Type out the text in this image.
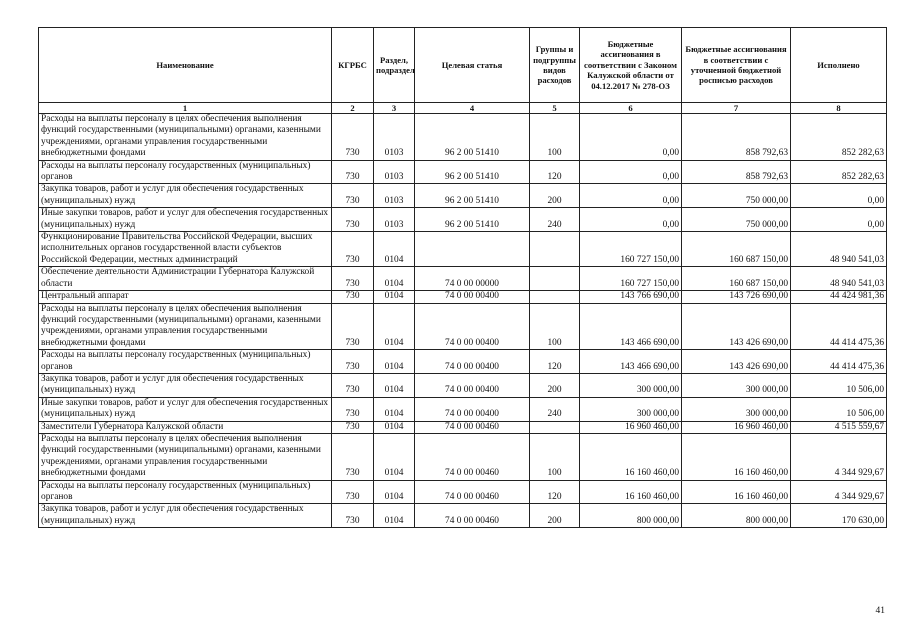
Наименование	КГРБС	Раздел, подраздел	Целевая статья	Группы и подгруппы видов расходов	Бюджетные ассигнования в соответствии с Законом Калужской области от 04.12.2017 № 278-ОЗ	Бюджетные ассигнования в соответствии с уточненной бюджетной росписью расходов	Исполнено
1	2	3	4	5	6	7	8
Расходы на выплаты персоналу в целях обеспечения выполнения функций государственными (муниципальными) органами, казенными учреждениями, органами управления государственными внебюджетными фондами	730	0103	96 2 00 51410	100	0,00	858 792,63	852 282,63
Расходы на выплаты персоналу государственных (муниципальных) органов	730	0103	96 2 00 51410	120	0,00	858 792,63	852 282,63
Закупка товаров, работ и услуг для обеспечения государственных (муниципальных) нужд	730	0103	96 2 00 51410	200	0,00	750 000,00	0,00
Иные закупки товаров, работ и услуг для обеспечения государственных (муниципальных) нужд	730	0103	96 2 00 51410	240	0,00	750 000,00	0,00
Функционирование Правительства Российской Федерации, высших исполнительных органов государственной власти субъектов Российской Федерации, местных администраций	730	0104			160 727 150,00	160 687 150,00	48 940 541,03
Обеспечение деятельности Администрации Губернатора Калужской области	730	0104	74 0 00 00000		160 727 150,00	160 687 150,00	48 940 541,03
Центральный аппарат	730	0104	74 0 00 00400		143 766 690,00	143 726 690,00	44 424 981,36
Расходы на выплаты персоналу в целях обеспечения выполнения функций государственными (муниципальными) органами, казенными учреждениями, органами управления государственными внебюджетными фондами	730	0104	74 0 00 00400	100	143 466 690,00	143 426 690,00	44 414 475,36
Расходы на выплаты персоналу государственных (муниципальных) органов	730	0104	74 0 00 00400	120	143 466 690,00	143 426 690,00	44 414 475,36
Закупка товаров, работ и услуг для обеспечения государственных (муниципальных) нужд	730	0104	74 0 00 00400	200	300 000,00	300 000,00	10 506,00
Иные закупки товаров, работ и услуг для обеспечения государственных (муниципальных) нужд	730	0104	74 0 00 00400	240	300 000,00	300 000,00	10 506,00
Заместители Губернатора Калужской области	730	0104	74 0 00 00460		16 960 460,00	16 960 460,00	4 515 559,67
Расходы на выплаты персоналу в целях обеспечения выполнения функций государственными (муниципальными) органами, казенными учреждениями, органами управления государственными внебюджетными фондами	730	0104	74 0 00 00460	100	16 160 460,00	16 160 460,00	4 344 929,67
Расходы на выплаты персоналу государственных (муниципальных) органов	730	0104	74 0 00 00460	120	16 160 460,00	16 160 460,00	4 344 929,67
Закупка товаров, работ и услуг для обеспечения государственных (муниципальных) нужд	730	0104	74 0 00 00460	200	800 000,00	800 000,00	170 630,00
41
